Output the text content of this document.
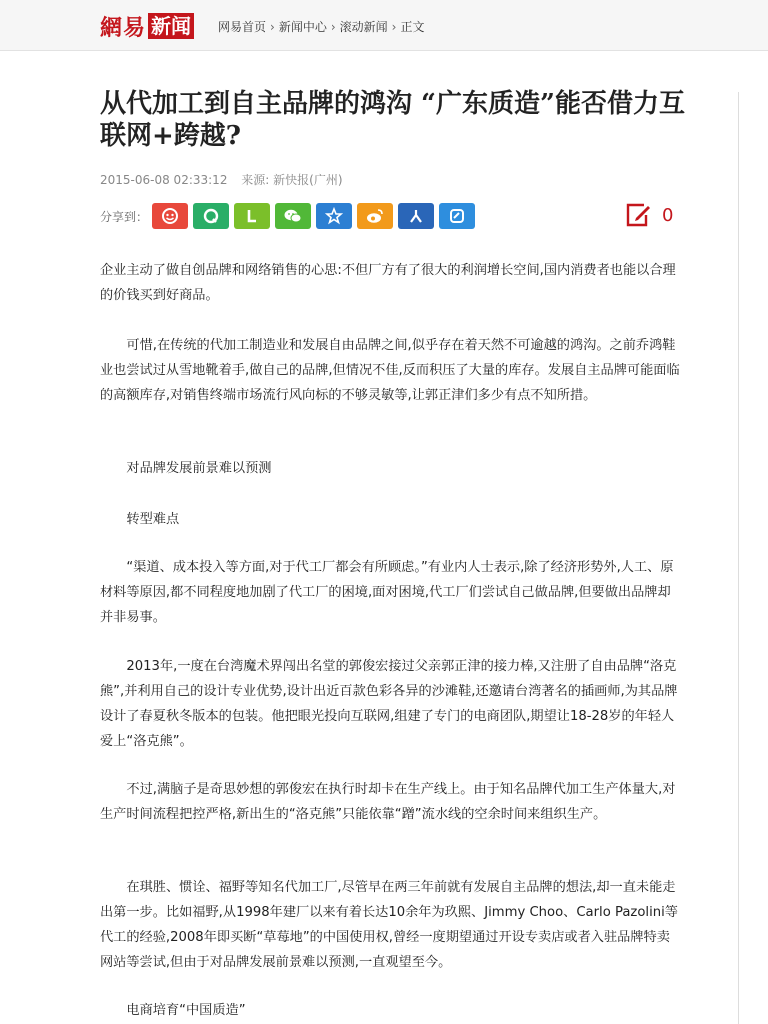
網易 新闻 网易首页 › 新闻中心 › 滚动新闻 › 正文
从代加工到自主品牌的鸿沟 “广东质造”能否借力互联网+跨越?
2015-06-08 02:33:12 来源: 新快报(广州)
分享到：	0

企业主动了做自创品牌和网络销售的心思:不但厂方有了很大的利润增长空间,国内消费者也能以合理的价钱买到好商品。

可惜,在传统的代加工制造业和发展自由品牌之间,似乎存在着天然不可逾越的鸿沟。之前乔鸿鞋业也尝试过从雪地靴着手,做自己的品牌,但情况不佳,反而积压了大量的库存。发展自主品牌可能面临的高额库存,对销售终端市场流行风向标的不够灵敏等,让郭正津们多少有点不知所措。

对品牌发展前景难以预测

转型难点

“渠道、成本投入等方面,对于代工厂都会有所顾虑。”有业内人士表示,除了经济形势外,人工、原材料等原因,都不同程度地加剧了代工厂的困境,面对困境,代工厂们尝试自己做品牌,但要做出品牌却并非易事。

2013年,一度在台湾魔术界闯出名堂的郭俊宏接过父亲郭正津的接力棒,又注册了自由品牌“洛克熊”,并利用自己的设计专业优势,设计出近百款色彩各异的沙滩鞋,还邀请台湾著名的插画师,为其品牌设计了春夏秋冬版本的包装。他把眼光投向互联网,组建了专门的电商团队,期望让18-28岁的年轻人爱上“洛克熊”。

不过,满脑子是奇思妙想的郭俊宏在执行时却卡在生产线上。由于知名品牌代加工生产体量大,对生产时间流程把控严格,新出生的“洛克熊”只能依靠“蹭”流水线的空余时间来组织生产。

在琪胜、惯诠、福野等知名代加工厂,尽管早在两三年前就有发展自主品牌的想法,却一直未能走出第一步。比如福野,从1998年建厂以来有着长达10余年为玖熙、Jimmy Choo、Carlo Pazolini等代工的经验,2008年即买断“草莓地”的中国使用权,曾经一度期望通过开设专卖店或者入驻品牌特卖网站等尝试,但由于对品牌发展前景难以预测,一直观望至今。

电商培育“中国质造”
